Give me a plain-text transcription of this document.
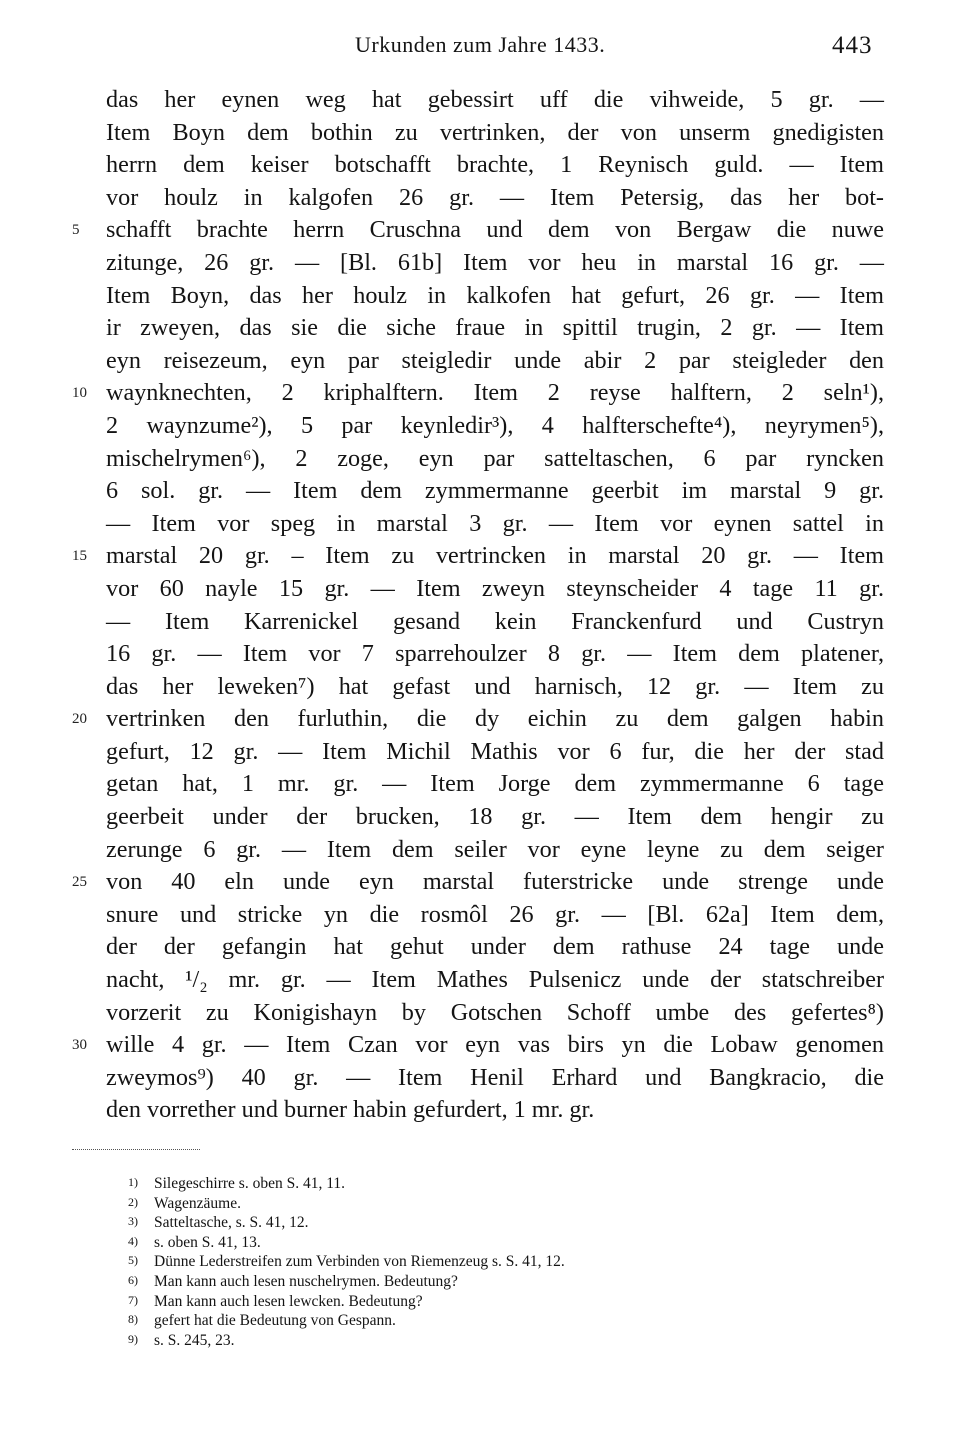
Urkunden zum Jahre 1433.	443
das her eynen weg hat gebessirt uff die vihweide, 5 gr. —
Item Boyn dem bothin zu vertrinken, der von unserm gnedigisten
herrn dem keiser botschafft brachte, 1 Reynisch guld. — Item
vor houlz in kalgofen 26 gr. — Item Petersig, das her bot-
5	schafft brachte herrn Cruschna und dem von Bergaw die nuwe
zitunge, 26 gr. — [Bl. 61b] Item vor heu in marstal 16 gr. —
Item Boyn, das her houlz in kalkofen hat gefurt, 26 gr. — Item
ir zweyen, das sie die siche fraue in spittil trugin, 2 gr. — Item
eyn reisezeum, eyn par steigledir unde abir 2 par steigleder den
10 waynknechten, 2 kriphalftern. Item 2 reyse halftern, 2 seln¹),
2 waynzume²), 5 par keynledir³), 4 halfterschefte⁴), neyrymen⁵),
mischelrymen⁶), 2 zoge, eyn par satteltaschen, 6 par ryncken
6 sol. gr. — Item dem zymmermanne geerbit im marstal 9 gr.
— Item vor speg in marstal 3 gr. — Item vor eynen sattel in
15 marstal 20 gr. – Item zu vertrincken in marstal 20 gr. — Item
vor 60 nayle 15 gr. — Item zweyn steynscheider 4 tage 11 gr.
— Item Karrenickel gesand kein Franckenfurd und Custryn
16 gr. — Item vor 7 sparrehoulzer 8 gr. — Item dem platener,
das her leweken⁷) hat gefast und harnisch, 12 gr. — Item zu
20 vertrinken den furluthin, die dy eichin zu dem galgen habin
gefurt, 12 gr. — Item Michil Mathis vor 6 fur, die her der stad
getan hat, 1 mr. gr. — Item Jorge dem zymmermanne 6 tage
geerbeit under der brucken, 18 gr. — Item dem hengir zu
zerunge 6 gr. — Item dem seiler vor eyne leyne zu dem seiger
25 von 40 eln unde eyn marstal futerstricke unde strenge unde
snure und stricke yn die rosmôl 26 gr. — [Bl. 62a] Item dem,
der der gefangin hat gehut under dem rathuse 24 tage unde
nacht, ¹/₂ mr. gr. — Item Mathes Pulsenicz unde der statschreiber
vorzerit zu Konigishayn by Gotschen Schoff umbe des gefertes⁸)
30 wille 4 gr. — Item Czan vor eyn vas birs yn die Lobaw genomen
zweymos⁹) 40 gr. — Item Henil Erhard und Bangkracio, die
den vorrether und burner habin gefurdert, 1 mr. gr.
1) Silegeschirre s. oben S. 41, 11.
2) Wagenzäume.
3) Satteltasche, s. S. 41, 12.
4) s. oben S. 41, 13.
5) Dünne Lederstreifen zum Verbinden von Riemenzeug s. S. 41, 12.
6) Man kann auch lesen nuschelrymen. Bedeutung?
7) Man kann auch lesen lewcken. Bedeutung?
8) gefert hat die Bedeutung von Gespann.
9) s. S. 245, 23.
